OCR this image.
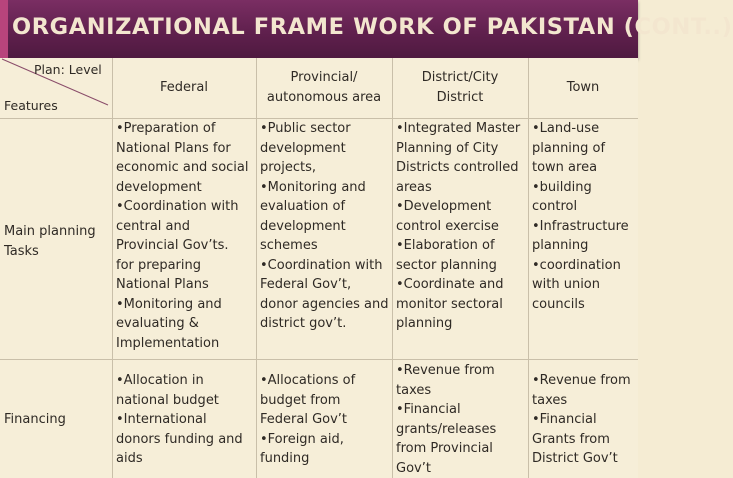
ORGANIZATIONAL FRAME WORK OF PAKISTAN (CONT..)
Plan: Level
Features
Federal
Provincial/
autonomous area
District/City
District
Town
Main planning
Tasks
•Preparation of
National Plans for
economic and social
development
•Coordination with
central and
Provincial Gov’ts.
for preparing
National Plans
•Monitoring and
evaluating &
Implementation
•Public sector
development
projects,
•Monitoring and
evaluation of
development
schemes
•Coordination with
Federal Gov’t,
donor agencies and
district gov’t.
•Integrated Master
Planning of City
Districts controlled
areas
•Development
control exercise
•Elaboration of
sector planning
•Coordinate and
monitor sectoral
planning
•Land-use
planning of
town area
•building
control
•Infrastructure
planning
•coordination
with union
councils
Financing
•Allocation in
national budget
•International
donors funding and
aids
•Allocations of
budget from
Federal Gov’t
•Foreign aid,
funding
•Revenue from
taxes
•Financial
grants/releases
from Provincial
Gov’t
•Revenue from
taxes
•Financial
Grants from
District Gov’t
